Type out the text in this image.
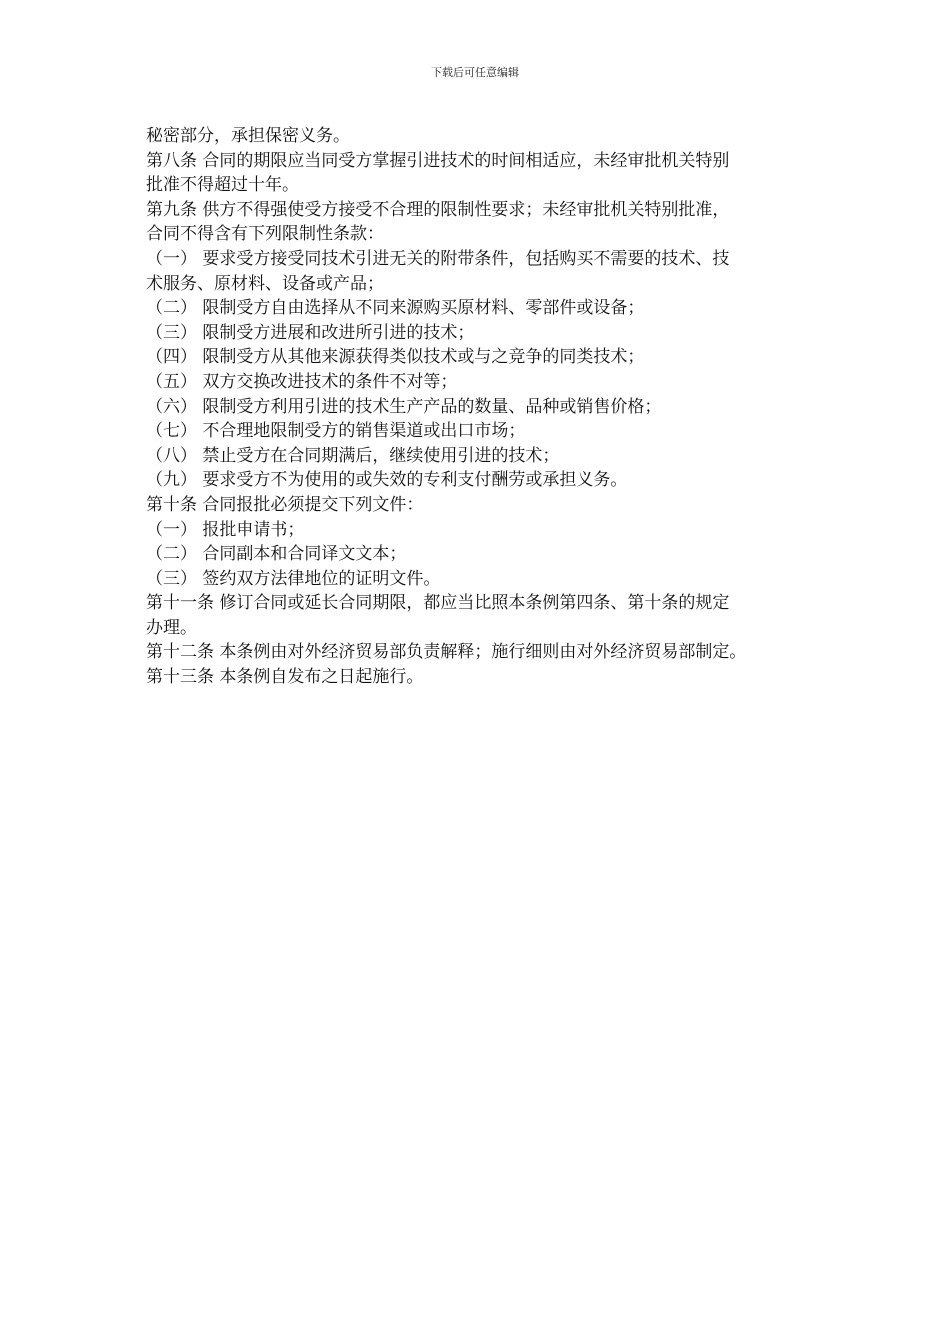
下载后可任意编辑
秘密部分，承担保密义务。
第八条 合同的期限应当同受方掌握引进技术的时间相适应，未经审批机关特别
批准不得超过十年。
第九条 供方不得强使受方接受不合理的限制性要求；未经审批机关特别批准，
合同不得含有下列限制性条款：
（一） 要求受方接受同技术引进无关的附带条件，包括购买不需要的技术、技
术服务、原材料、设备或产品；
（二） 限制受方自由选择从不同来源购买原材料、零部件或设备；
（三） 限制受方进展和改进所引进的技术；
（四） 限制受方从其他来源获得类似技术或与之竞争的同类技术；
（五） 双方交换改进技术的条件不对等；
（六） 限制受方利用引进的技术生产产品的数量、品种或销售价格；
（七） 不合理地限制受方的销售渠道或出口市场；
（八） 禁止受方在合同期满后，继续使用引进的技术；
（九） 要求受方不为使用的或失效的专利支付酬劳或承担义务。
第十条 合同报批必须提交下列文件：
（一） 报批申请书；
（二） 合同副本和合同译文文本；
（三） 签约双方法律地位的证明文件。
第十一条 修订合同或延长合同期限，都应当比照本条例第四条、第十条的规定
办理。
第十二条 本条例由对外经济贸易部负责解释；施行细则由对外经济贸易部制定。
第十三条 本条例自发布之日起施行。
